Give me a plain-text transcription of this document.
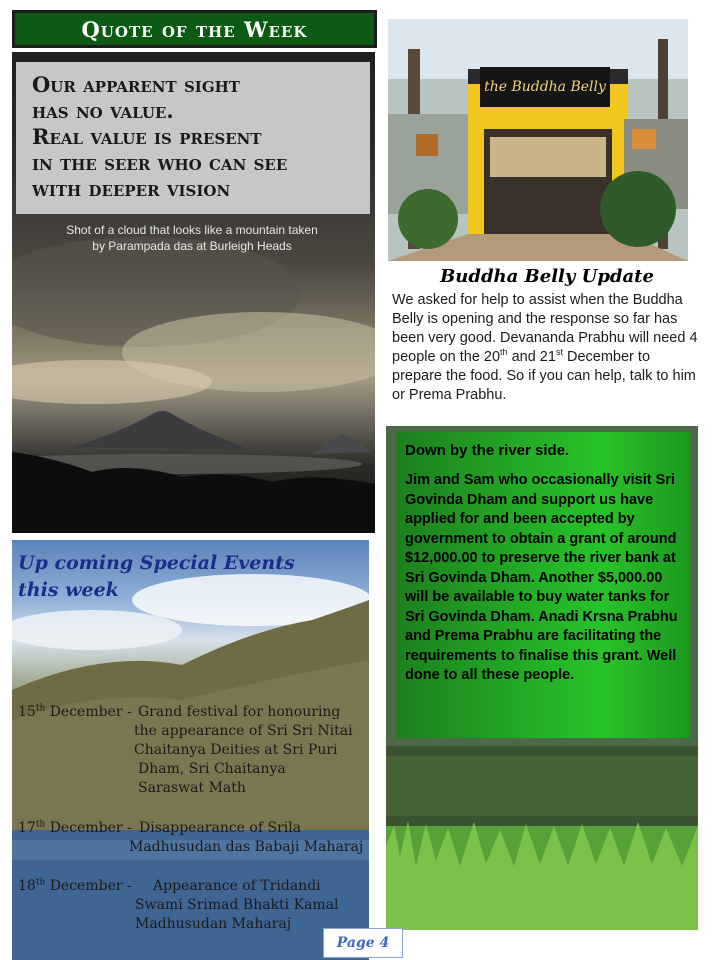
Quote of the Week

Our apparent sight

has no value.

Real value is present

in the seer who can see

with deeper vision

Shot of a cloud that looks like a mountain taken
by Parampada das at Burleigh Heads
the Buddha Belly
Buddha Belly Update

We asked for help to assist when the Buddha Belly is opening and the response so far has been very good. Devananda Prabhu will need 4 people on the 20th and 21st December to prepare the food. So if you can help, talk to him or Prema Prabhu.

Down by the river side.

Jim and Sam who occasionally visit Sri Govinda Dham and support us have applied for and been accepted by government to obtain a grant of around $12,000.00 to preserve the river bank at Sri Govinda Dham. Another $5,000.00 will be available to buy water tanks for Sri Govinda Dham. Anadi Krsna Prabhu and Prema Prabhu are facilitating the requirements to finalise this grant. Well done to all these people.

Up coming Special Events
this week
15th December - Grand festival for honouring
the appearance of Sri Sri Nitai
Chaitanya Deities at Sri Puri
Dham, Sri Chaitanya
Saraswat Math
17th December - Disappearance of Srila
Madhusudan das Babaji Maharaj
18th December - Appearance of Tridandi
Swami Srimad Bhakti Kamal
Madhusudan Maharaj
Page 4
